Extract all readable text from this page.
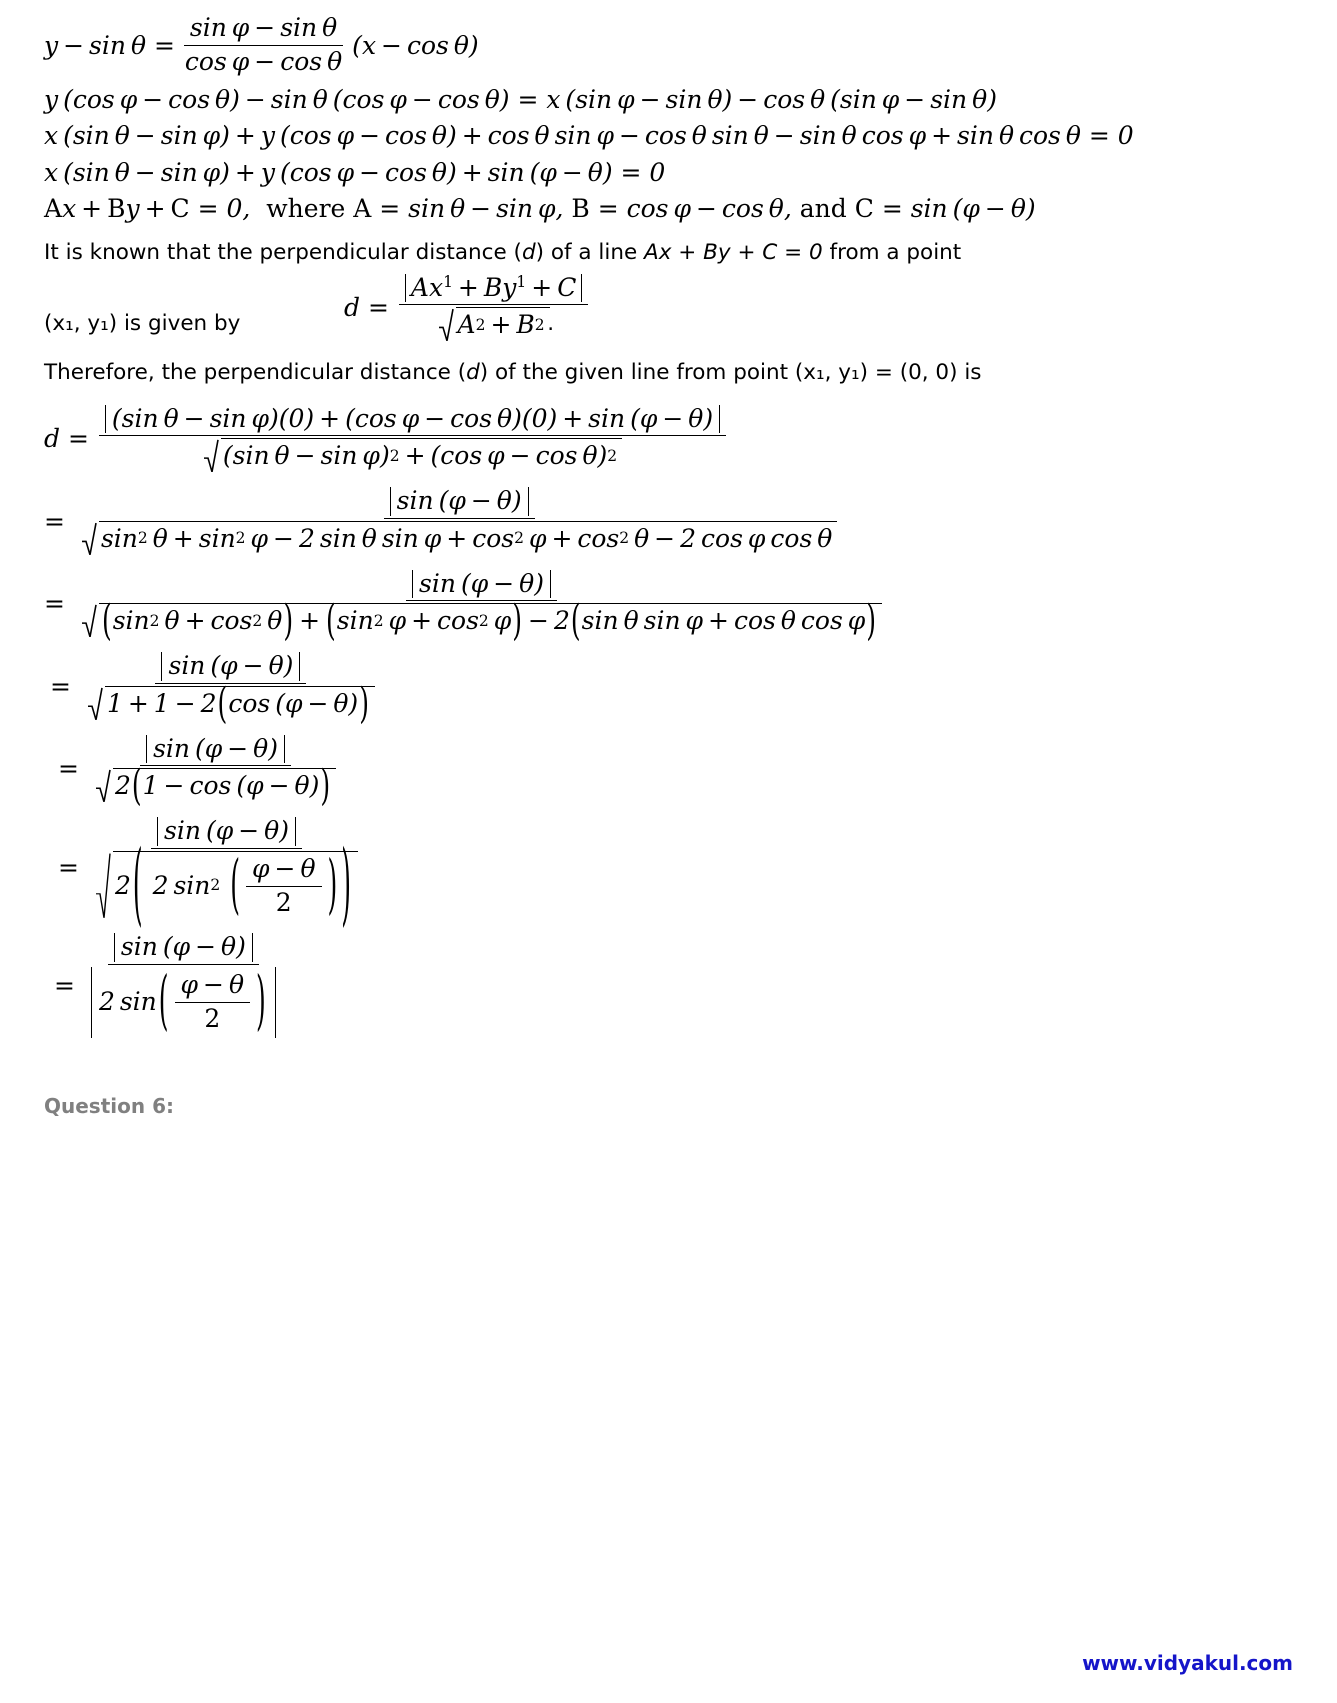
$y - \sin \theta = \frac{\text{sin φ − sin θ}}{\text{cos φ − cos θ}} (x - \cos \theta)$
y (cos φ − cos θ) − sin θ (cos φ − cos θ) = x (sin φ − sin θ) − cos θ (sin φ − sin θ)
x (sin θ − sin φ) + y (cos φ − cos θ) + cos θ sin φ − cos θ sin θ − sin θ cos φ + sin θ cos θ = 0
x (sin θ − sin φ) + y (cos φ − cos θ) + sin (φ − θ) = 0
Ax + By + C = 0,  where A = sin θ − sin φ, B = cos φ − cos θ, and C = sin (φ − θ)
It is known that the perpendicular distance (d) of a line Ax + By + C = 0 from a point
$d = \frac{Ax 1 + By 1 + C}{A 2 + B 2}$
(x₁, y₁) is given by	.
Therefore, the perpendicular distance (d) of the given line from point (x₁, y₁) = (0, 0) is
$d = \frac{\text{(sin θ − sin φ)(0) + (cos φ − cos θ)(0) + sin (φ − θ)}}{\text{(sin θ − sin φ) 2  + (cos φ − cos θ) 2}}$
=
sin (φ − θ)
sin 2  θ + sin 2  φ − 2 sin θ sin φ + cos 2  φ + cos 2  θ − 2 cos φ cos θ
=
sin (φ − θ)
( sin 2  θ + cos 2  θ )  +  ( sin 2  φ + cos 2  φ )  − 2 ( sin θ sin φ + cos θ cos φ )
= $\frac{\sin (\varphi - \theta)}{1 + 1 - 2 ( \cos (\varphi - \theta) )}$
= $\frac{\sin (\varphi - \theta)}{2 ( 1 - \cos (\varphi - \theta) )}$
= sin (φ − θ)
2 ( 2 sin 2
( $\frac{\varphi - \theta}{2}$ ) )
= $\frac{\sin (\varphi - \theta)}{2 \sin ( \frac{\varphi - \theta}{2} )}$
Question 6:
www.vidyakul.com
